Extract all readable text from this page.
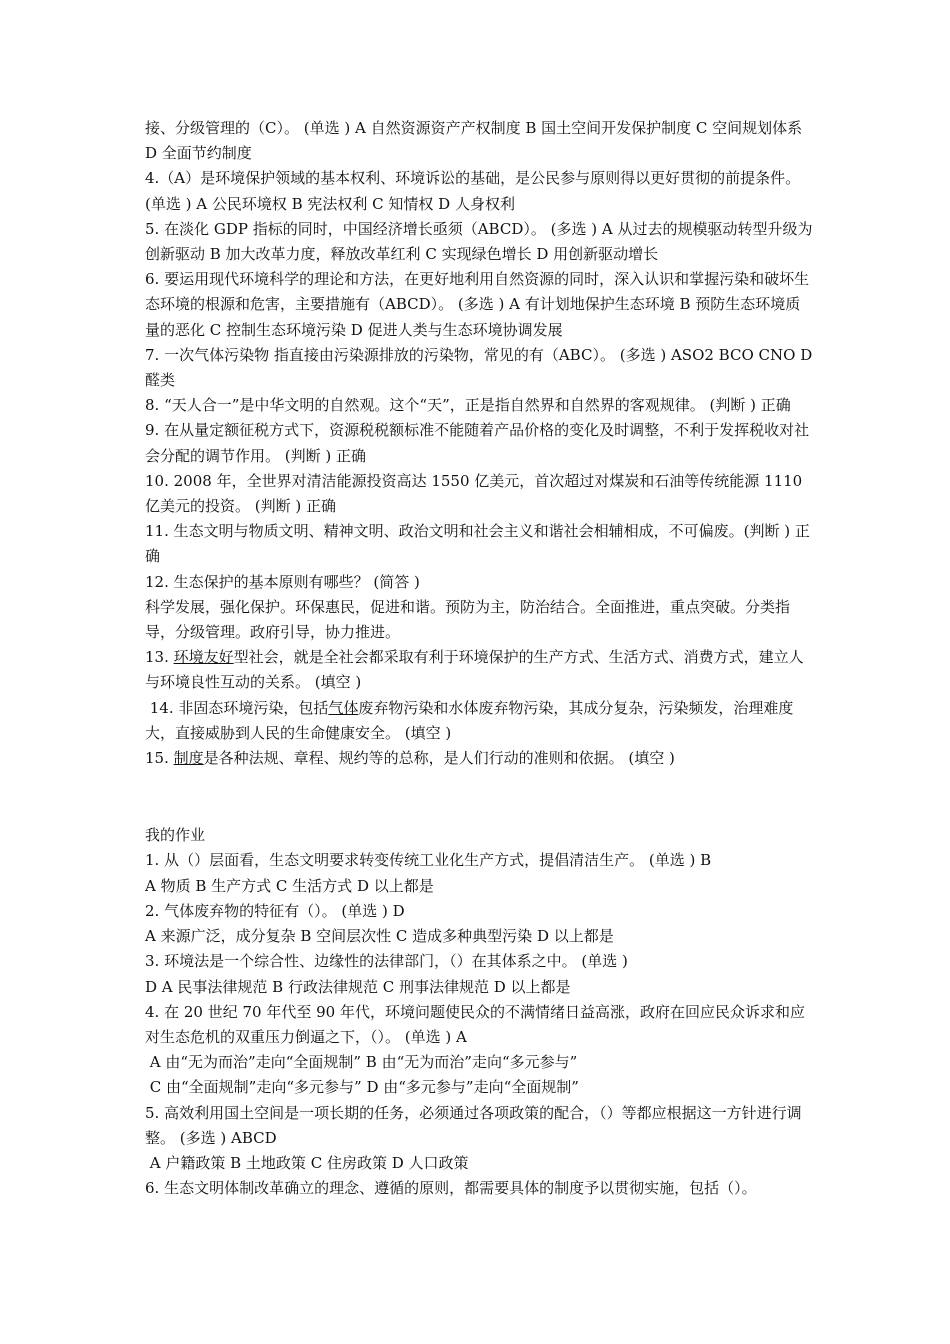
接、分级管理的（C）。 (单选 ) A 自然资源资产产权制度 B 国土空间开发保护制度 C 空间规划体系 D 全面节约制度

4.（A）是环境保护领域的基本权利、环境诉讼的基础，是公民参与原则得以更好贯彻的前提条件。 (单选 ) A 公民环境权 B 宪法权利 C 知情权 D 人身权利

5. 在淡化 GDP 指标的同时，中国经济增长亟须（ABCD）。 (多选 ) A 从过去的规模驱动转型升级为创新驱动 B 加大改革力度，释放改革红利 C 实现绿色增长 D 用创新驱动增长

6. 要运用现代环境科学的理论和方法，在更好地利用自然资源的同时，深入认识和掌握污染和破坏生态环境的根源和危害，主要措施有（ABCD）。 (多选 ) A 有计划地保护生态环境 B 预防生态环境质量的恶化 C 控制生态环境污染 D 促进人类与生态环境协调发展

7. 一次气体污染物 指直接由污染源排放的污染物，常见的有（ABC）。 (多选 ) ASO2 BCO CNO D 醛类

8. “天人合一”是中华文明的自然观。这个“天”，正是指自然界和自然界的客观规律。 (判断 ) 正确

9. 在从量定额征税方式下，资源税税额标准不能随着产品价格的变化及时调整，不利于发挥税收对社会分配的调节作用。 (判断 ) 正确

10. 2008 年，全世界对清洁能源投资高达 1550 亿美元，首次超过对煤炭和石油等传统能源 1110 亿美元的投资。 (判断 ) 正确

11. 生态文明与物质文明、精神文明、政治文明和社会主义和谐社会相辅相成，不可偏废。(判断 ) 正确

12. 生态保护的基本原则有哪些？ (简答 )

科学发展，强化保护。环保惠民，促进和谐。预防为主，防治结合。全面推进，重点突破。分类指导，分级管理。政府引导，协力推进。

13. 环境友好型社会，就是全社会都采取有利于环境保护的生产方式、生活方式、消费方式，建立人与环境良性互动的关系。 (填空 )

14. 非固态环境污染，包括气体废弃物污染和水体废弃物污染，其成分复杂，污染频发，治理难度大，直接威胁到人民的生命健康安全。 (填空 )

15. 制度是各种法规、章程、规约等的总称，是人们行动的准则和依据。 (填空 )

我的作业

1. 从（）层面看，生态文明要求转变传统工业化生产方式，提倡清洁生产。 (单选 ) B

A 物质 B 生产方式 C 生活方式 D 以上都是

2. 气体废弃物的特征有（）。 (单选 ) D

A 来源广泛，成分复杂 B 空间层次性 C 造成多种典型污染 D 以上都是

3. 环境法是一个综合性、边缘性的法律部门，（）在其体系之中。 (单选 )

D A 民事法律规范 B 行政法律规范 C 刑事法律规范 D 以上都是

4. 在 20 世纪 70 年代至 90 年代，环境问题使民众的不满情绪日益高涨，政府在回应民众诉求和应对生态危机的双重压力倒逼之下，（）。 (单选 ) A

A 由“无为而治”走向“全面规制” B 由“无为而治”走向“多元参与”

C 由“全面规制”走向“多元参与” D 由“多元参与”走向“全面规制”

5. 高效利用国土空间是一项长期的任务，必须通过各项政策的配合，（）等都应根据这一方针进行调整。 (多选 ) ABCD

A 户籍政策 B 土地政策 C 住房政策 D 人口政策

6. 生态文明体制改革确立的理念、遵循的原则，都需要具体的制度予以贯彻实施，包括（）。
